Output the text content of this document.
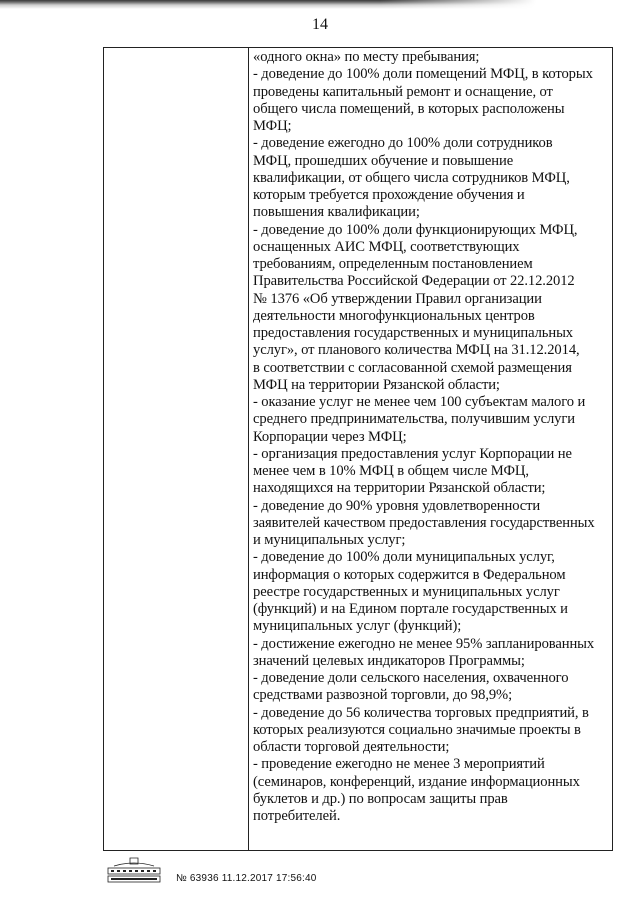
14
«одного окна» по месту пребывания;
- доведение до 100% доли помещений МФЦ, в которых
проведены капитальный ремонт и оснащение, от
общего числа помещений, в которых расположены
МФЦ;
- доведение ежегодно до 100% доли сотрудников
МФЦ, прошедших обучение и повышение
квалификации, от общего числа сотрудников МФЦ,
которым требуется прохождение обучения и
повышения квалификации;
- доведение до 100% доли функционирующих МФЦ,
оснащенных АИС МФЦ, соответствующих
требованиям, определенным постановлением
Правительства Российской Федерации от 22.12.2012
№ 1376 «Об утверждении Правил организации
деятельности многофункциональных центров
предоставления государственных и муниципальных
услуг», от планового количества МФЦ на 31.12.2014,
в соответствии с согласованной схемой размещения
МФЦ на территории Рязанской области;
- оказание услуг не менее чем 100 субъектам малого и
среднего предпринимательства, получившим услуги
Корпорации через МФЦ;
- организация предоставления услуг Корпорации не
менее чем в 10% МФЦ в общем числе МФЦ,
находящихся на территории Рязанской области;
- доведение до 90% уровня удовлетворенности
заявителей качеством предоставления государственных
и муниципальных услуг;
- доведение до 100% доли муниципальных услуг,
информация о которых содержится в Федеральном
реестре государственных и муниципальных услуг
(функций) и на Едином портале государственных и
муниципальных услуг (функций);
- достижение ежегодно не менее 95% запланированных
значений целевых индикаторов Программы;
- доведение доли сельского населения, охваченного
средствами развозной торговли, до 98,9%;
- доведение до 56 количества торговых предприятий, в
которых реализуются социально значимые проекты в
области торговой деятельности;
- проведение ежегодно не менее 3 мероприятий
(семинаров, конференций, издание информационных
буклетов и др.) по вопросам защиты прав
потребителей.
№ 63936 11.12.2017 17:56:40
